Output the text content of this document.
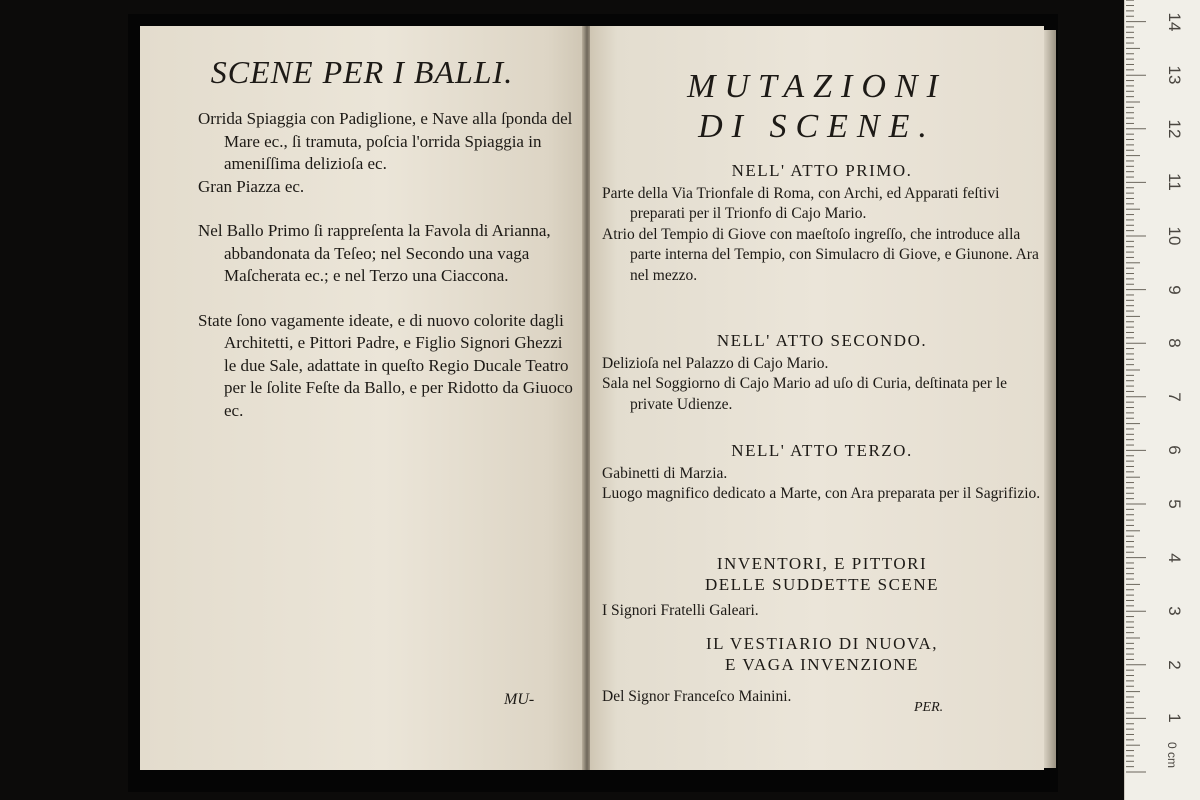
SCENE PER I BALLI.

Orrida Spiaggia con Padiglione, e Nave alla ſponda del Mare ec., ſi tramuta, poſcia l'orrida Spiaggia in ameniſſima delizioſa ec.

Gran Piazza ec.

Nel Ballo Primo ſi rappreſenta la Favola di Arianna, abbandonata da Teſeo; nel Secondo una vaga Maſcherata ec.; e nel Terzo una Ciaccona.

State ſono vagamente ideate, e di nuovo colorite dagli Architetti, e Pittori Padre, e Figlio Signori Ghezzi le due Sale, adattate in queſto Regio Ducale Teatro per le ſolite Feſte da Ballo, e per Ridotto da Giuoco ec.

MU-
MUTAZIONI
DI SCENE.

NELL' ATTO PRIMO.

Parte della Via Trionfale di Roma, con Archi, ed Apparati feſtivi preparati per il Trionfo di Cajo Mario.

Atrio del Tempio di Giove con maeſtoſo ingreſſo, che introduce alla parte interna del Tempio, con Simulacro di Giove, e Giunone. Ara nel mezzo.

NELL' ATTO SECONDO.

Delizioſa nel Palazzo di Cajo Mario.

Sala nel Soggiorno di Cajo Mario ad uſo di Curia, deſtinata per le private Udienze.

NELL' ATTO TERZO.

Gabinetti di Marzia.

Luogo magnifico dedicato a Marte, con Ara preparata per il Sagrifizio.

INVENTORI, E PITTORI

DELLE SUDDETTE SCENE

I Signori Fratelli Galeari.

IL VESTIARIO DI NUOVA,

E VAGA INVENZIONE

Del Signor Franceſco Mainini.

PER.
1
2
3
4
5
6
7
8
9
10
11
12
13
14
0 cm
